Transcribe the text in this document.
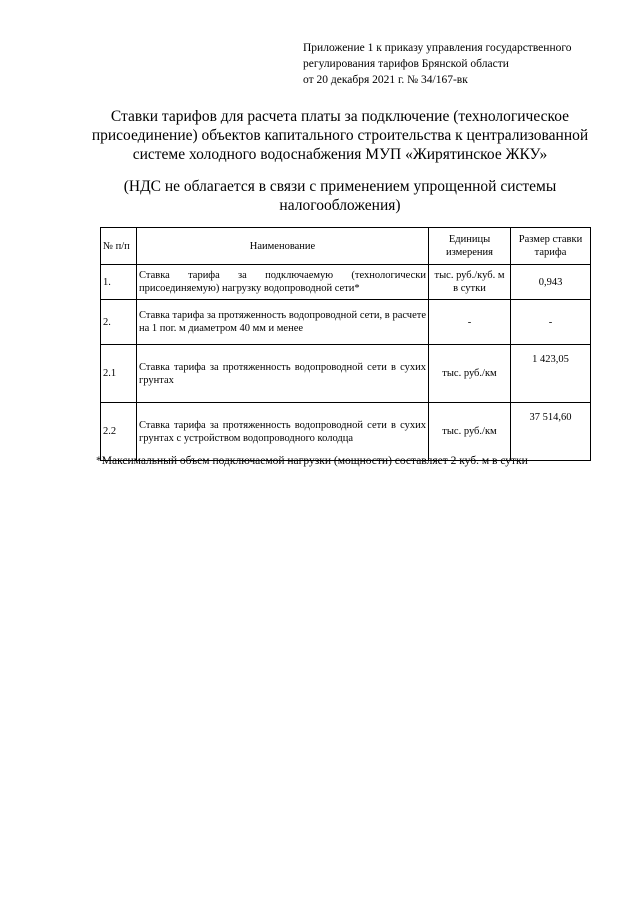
Приложение 1 к приказу управления государственного
регулирования тарифов Брянской области
от 20 декабря 2021 г. № 34/167-вк
Ставки тарифов для расчета платы за подключение (технологическое
присоединение) объектов капитального строительства к централизованной
системе холодного водоснабжения МУП «Жирятинское ЖКУ»
(НДС не облагается в связи с применением упрощенной системы
налогообложения)
№ п/п	Наименование	Единицы измерения	Размер ставки тарифа
1.	Ставка тарифа за подключаемую (технологически присоединяемую) нагрузку водопроводной сети*	тыс. руб./куб. м в сутки	0,943
2.	Ставка тарифа за протяженность водопроводной сети, в расчете на 1 пог. м диаметром 40 мм и менее	-	-
2.1	Ставка тарифа за протяженность водопроводной сети в сухих грунтах	тыс. руб./км	1 423,05
2.2	Ставка тарифа за протяженность водопроводной сети в сухих грунтах с устройством водопроводного колодца	тыс. руб./км	37 514,60
*Максимальный объем подключаемой нагрузки (мощности) составляет 2 куб. м в сутки
